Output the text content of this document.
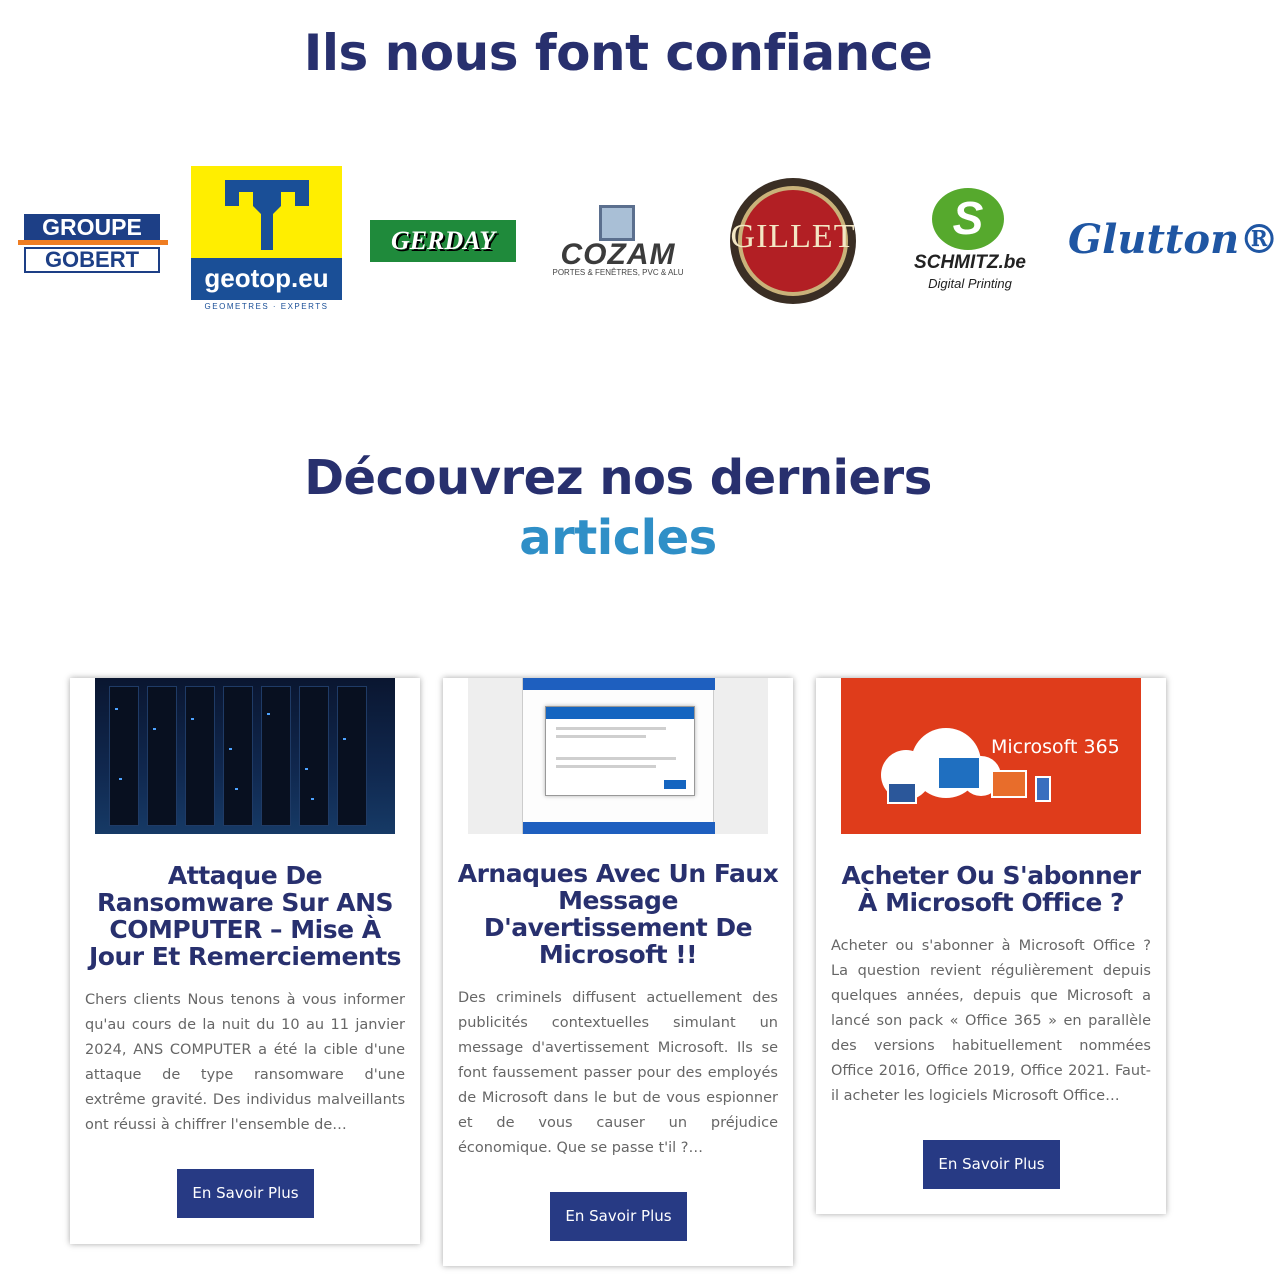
Ils nous font confiance
GROUPE
GOBERT
geotop.eu
GEOMETRES · EXPERTS
GERDAY	COZAM
PORTES & FENÊTRES, PVC & ALU
GILLET	S
SCHMITZ.be
Digital Printing
Glutton®
Découvrez nos derniers
articles
Attaque De Ransomware Sur ANS COMPUTER – Mise À Jour Et Remerciements

Chers clients Nous tenons à vous informer qu'au cours de la nuit du 10 au 11 janvier 2024, ANS COMPUTER a été la cible d'une attaque de type ransomware d'une extrême gravité. Des individus malveillants ont réussi à chiffrer l'ensemble de…

En Savoir Plus
Arnaques Avec Un Faux Message D'avertissement De Microsoft !!

Des criminels diffusent actuellement des publicités contextuelles simulant un message d'avertissement Microsoft. Ils se font faussement passer pour des employés de Microsoft dans le but de vous espionner et de vous causer un préjudice économique. Que se passe t'il ?…

En Savoir Plus
Microsoft 365
Acheter Ou S'abonner À Microsoft Office ?

Acheter ou s'abonner à Microsoft Office ? La question revient régulièrement depuis quelques années, depuis que Microsoft a lancé son pack « Office 365 » en parallèle des versions habituellement nommées Office 2016, Office 2019, Office 2021. Faut-il acheter les logiciels Microsoft Office…

En Savoir Plus
